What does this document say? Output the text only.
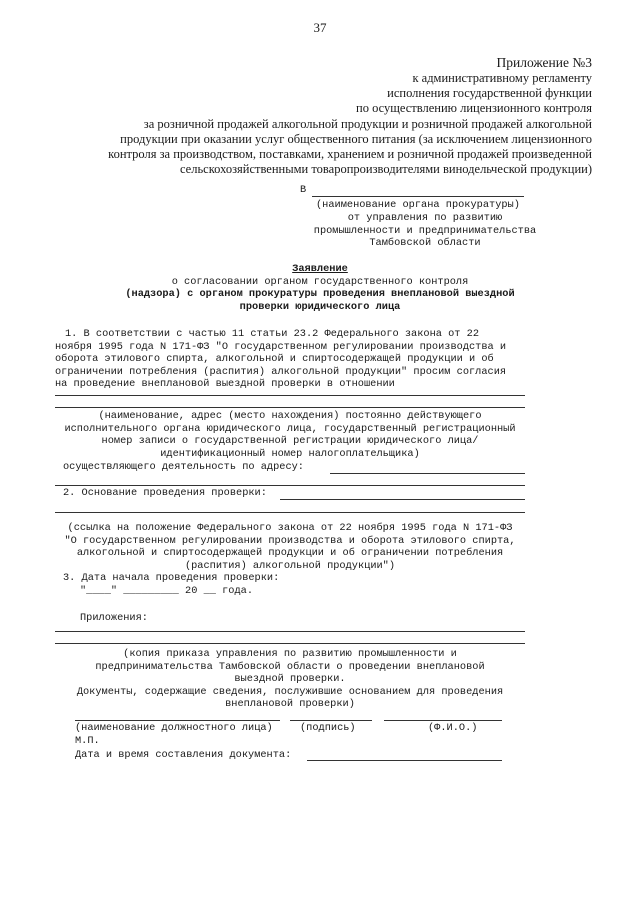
37
Приложение №3
к административному регламенту
исполнения государственной функции
по осуществлению лицензионного контроля
за розничной продажей алкогольной продукции и розничной продажей алкогольной
продукции при оказании услуг общественного питания (за исключением лицензионного
контроля за производством, поставками, хранением и розничной продажей произведенной
сельскохозяйственными товаропроизводителями винодельческой продукции)
В
(наименование органа прокуратуры)
от управления по развитию
промышленности и предпринимательства
Тамбовской области
Заявление
о согласовании органом государственного контроля
(надзора) с органом прокуратуры проведения внеплановой выездной
проверки юридического лица
1. В соответствии с частью 11 статьи 23.2 Федерального закона от 22
ноября 1995 года N 171-ФЗ "О государственном регулировании производства и
оборота этилового спирта, алкогольной и спиртосодержащей продукции и об
ограничении потребления (распития) алкогольной продукции" просим согласия
на проведение внеплановой выездной проверки в отношении
(наименование, адрес (место нахождения) постоянно действующего
исполнительного органа юридического лица, государственный регистрационный
номер записи о государственной регистрации юридического лица/
идентификационный номер налогоплательщика)
осуществляющего деятельность по адресу:
2. Основание проведения проверки:
(ссылка на положение Федерального закона от 22 ноября 1995 года N 171-ФЗ
"О государственном регулировании производства и оборота этилового спирта,
алкогольной и спиртосодержащей продукции и об ограничении потребления
(распития) алкогольной продукции")
3. Дата начала проведения проверки:
"____" _________ 20 __ года.
Приложения:
(копия приказа управления по развитию промышленности и
предпринимательства Тамбовской области о проведении внеплановой
выездной проверки.
Документы, содержащие сведения, послужившие основанием для проведения
внеплановой проверки)
(наименование должностного лица)	(подпись)	(Ф.И.О.)
М.П.
Дата и время составления документа:
